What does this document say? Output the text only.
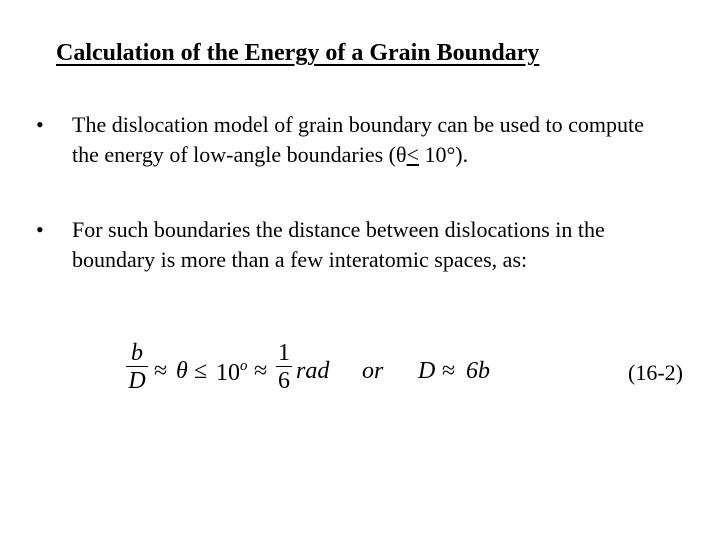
Calculation of the Energy of a Grain Boundary
• The dislocation model of grain boundary can be used to compute the energy of low-angle boundaries (θ< 10°).
• For such boundaries the distance between dislocations in the boundary is more than a few interatomic spaces, as:
b
$D \approx \theta \le 10^o$ ≈
1
6 rad or D ≈ 6b	(16-2)
